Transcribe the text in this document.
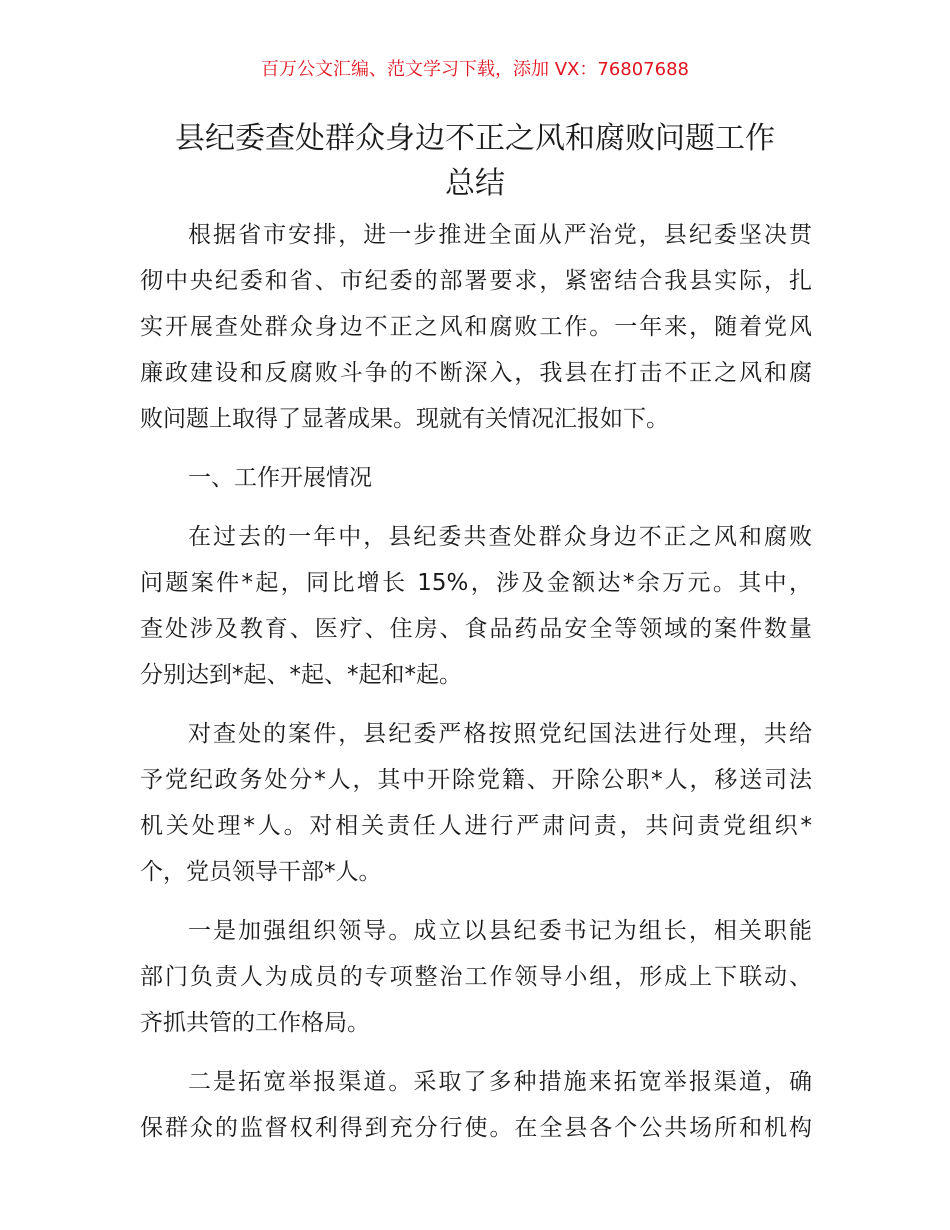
百万公文汇编、范文学习下载，添加 VX：76807688
县纪委查处群众身边不正之风和腐败问题工作
总结
根据省市安排，进一步推进全面从严治党，县纪委坚决贯
彻中央纪委和省、市纪委的部署要求，紧密结合我县实际，扎
实开展查处群众身边不正之风和腐败工作。一年来，随着党风
廉政建设和反腐败斗争的不断深入，我县在打击不正之风和腐
败问题上取得了显著成果。现就有关情况汇报如下。
一、工作开展情况
在过去的一年中，县纪委共查处群众身边不正之风和腐败
问题案件*起，同比增长 15%，涉及金额达*余万元。其中，
查处涉及教育、医疗、住房、食品药品安全等领域的案件数量
分别达到*起、*起、*起和*起。
对查处的案件，县纪委严格按照党纪国法进行处理，共给
予党纪政务处分*人，其中开除党籍、开除公职*人，移送司法
机关处理*人。对相关责任人进行严肃问责，共问责党组织*
个，党员领导干部*人。
一是加强组织领导。成立以县纪委书记为组长，相关职能
部门负责人为成员的专项整治工作领导小组，形成上下联动、
齐抓共管的工作格局。
二是拓宽举报渠道。采取了多种措施来拓宽举报渠道，确
保群众的监督权利得到充分行使。在全县各个公共场所和机构
